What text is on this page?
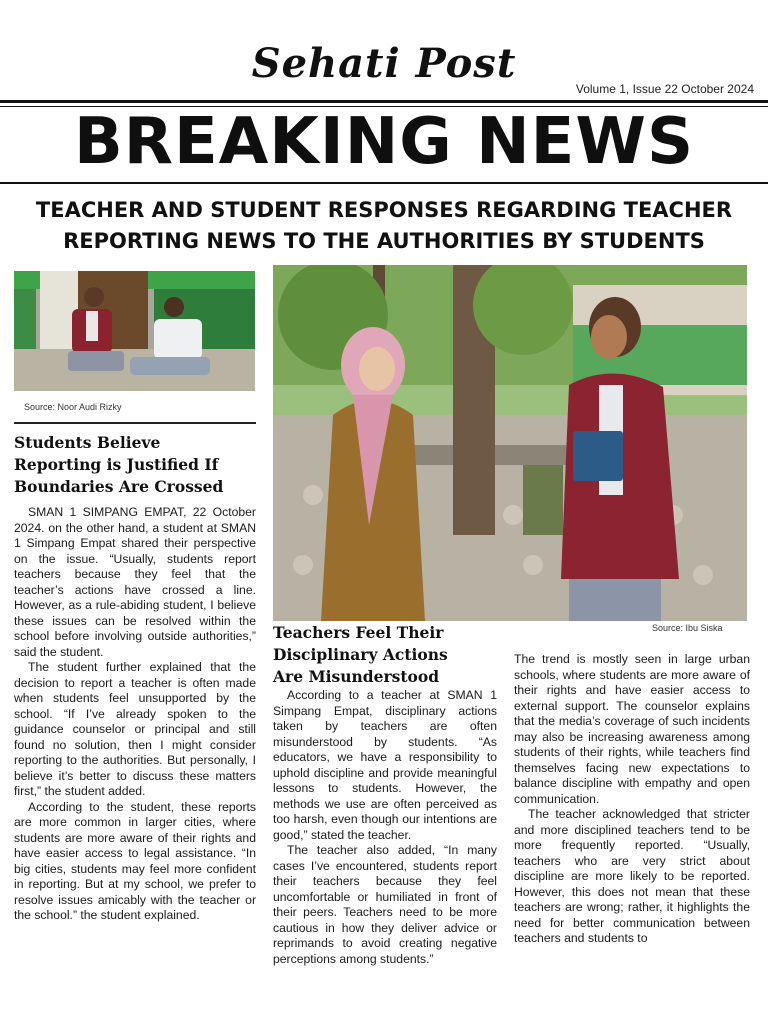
Sehati Post
Volume 1, Issue 22 October 2024
BREAKING NEWS
TEACHER AND STUDENT RESPONSES REGARDING TEACHER REPORTING NEWS TO THE AUTHORITIES BY STUDENTS
Source: Noor Audi Rizky
Source: Ibu Siska
Students Believe Reporting is Justified If Boundaries Are Crossed

SMAN 1 SIMPANG EMPAT, 22 October 2024. on the other hand, a student at SMAN 1 Simpang Empat shared their perspective on the issue. “Usually, students report teachers because they feel that the teacher’s actions have crossed a line. However, as a rule-abiding student, I believe these issues can be resolved within the school before involving outside authorities,” said the student.

The student further explained that the decision to report a teacher is often made when students feel unsupported by the school. “If I’ve already spoken to the guidance counselor or principal and still found no solution, then I might consider reporting to the authorities. But personally, I believe it’s better to discuss these matters first,” the student added.

According to the student, these reports are more common in larger cities, where students are more aware of their rights and have easier access to legal assistance. “In big cities, students may feel more confident in reporting. But at my school, we prefer to resolve issues amicably with the teacher or the school.” the student explained.

Teachers Feel Their Disciplinary Actions Are Misunderstood

According to a teacher at SMAN 1 Simpang Empat, disciplinary actions taken by teachers are often misunderstood by students. “As educators, we have a responsibility to uphold discipline and provide meaningful lessons to students. However, the methods we use are often perceived as too harsh, even though our intentions are good,” stated the teacher.

The teacher also added, “In many cases I’ve encountered, students report their teachers because they feel uncomfortable or humiliated in front of their peers. Teachers need to be more cautious in how they deliver advice or reprimands to avoid creating negative perceptions among students.”

The trend is mostly seen in large urban schools, where students are more aware of their rights and have easier access to external support. The counselor explains that the media’s coverage of such incidents may also be increasing awareness among students of their rights, while teachers find themselves facing new expectations to balance discipline with empathy and open communication.

The teacher acknowledged that stricter and more disciplined teachers tend to be more frequently reported. “Usually, teachers who are very strict about discipline are more likely to be reported. However, this does not mean that these teachers are wrong; rather, it highlights the need for better communication between teachers and students to
